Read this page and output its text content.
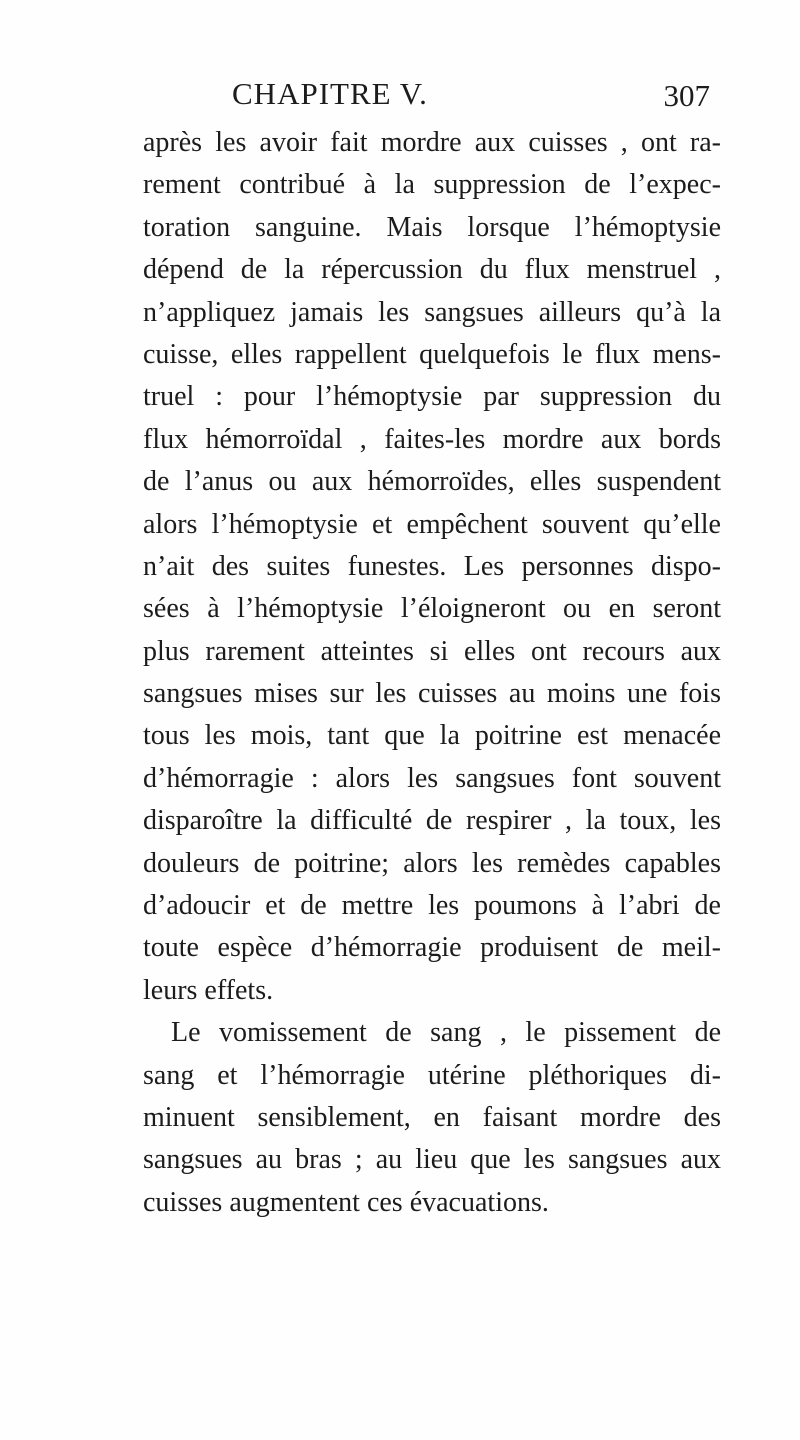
CHAPITRE V.	307
après les avoir fait mordre aux cuisses , ont ra-
rement contribué à la suppression de l’expec-
toration sanguine. Mais lorsque l’hémoptysie
dépend de la répercussion du flux menstruel ,
n’appliquez jamais les sangsues ailleurs qu’à la
cuisse, elles rappellent quelquefois le flux mens-
truel : pour l’hémoptysie par suppression du
flux hémorroïdal , faites-les mordre aux bords
de l’anus ou aux hémorroïdes, elles suspendent
alors l’hémoptysie et empêchent souvent qu’elle
n’ait des suites funestes. Les personnes dispo-
sées à l’hémoptysie l’éloigneront ou en seront
plus rarement atteintes si elles ont recours aux
sangsues mises sur les cuisses au moins une fois
tous les mois, tant que la poitrine est menacée
d’hémorragie : alors les sangsues font souvent
disparoître la difficulté de respirer , la toux, les
douleurs de poitrine; alors les remèdes capables
d’adoucir et de mettre les poumons à l’abri de
toute espèce d’hémorragie produisent de meil-
leurs effets.
Le vomissement de sang , le pissement de
sang et l’hémorragie utérine pléthoriques di-
minuent sensiblement, en faisant mordre des
sangsues au bras ; au lieu que les sangsues aux
cuisses augmentent ces évacuations.
